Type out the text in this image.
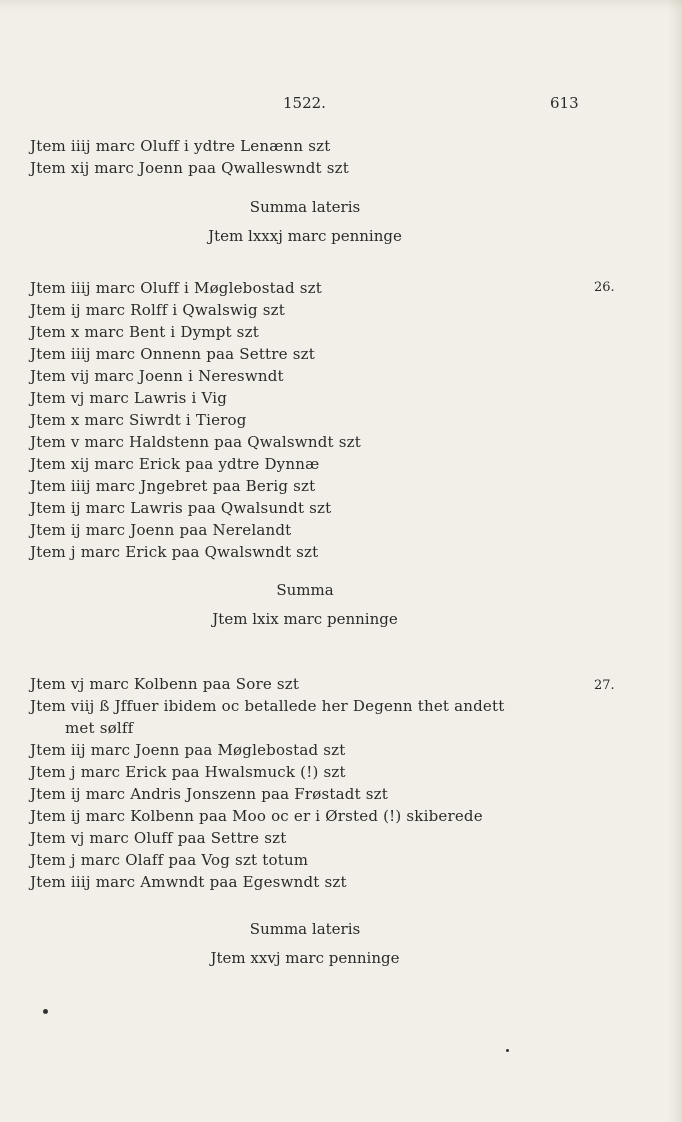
1522.	613
Jtem iiij marc Oluff i ydtre Lenænn szt
Jtem xij marc Joenn paa Qwalleswndt szt
Summa lateris
Jtem lxxxj marc penninge
26.
Jtem iiij marc Oluff i Møglebostad szt
Jtem ij marc Rolff i Qwalswig szt
Jtem x marc Bent i Dympt szt
Jtem iiij marc Onnenn paa Settre szt
Jtem vij marc Joenn i Nereswndt
Jtem vj marc Lawris i Vig
Jtem x marc Siwrdt i Tierog
Jtem v marc Haldstenn paa Qwalswndt szt
Jtem xij marc Erick paa ydtre Dynnæ
Jtem iiij marc Jngebret paa Berig szt
Jtem ij marc Lawris paa Qwalsundt szt
Jtem ij marc Joenn paa Nerelandt
Jtem j marc Erick paa Qwalswndt szt
Summa
Jtem lxix marc penninge
27.
Jtem vj marc Kolbenn paa Sore szt
Jtem viij ß Jffuer ibidem oc betallede her Degenn thet andett
met sølff
Jtem iij marc Joenn paa Møglebostad szt
Jtem j marc Erick paa Hwalsmuck (!) szt
Jtem ij marc Andris Jonszenn paa Frøstadt szt
Jtem ij marc Kolbenn paa Moo oc er i Ørsted (!) skiberede
Jtem vj marc Oluff paa Settre szt
Jtem j marc Olaff paa Vog szt totum
Jtem iiij marc Amwndt paa Egeswndt szt
Summa lateris
Jtem xxvj marc penninge
